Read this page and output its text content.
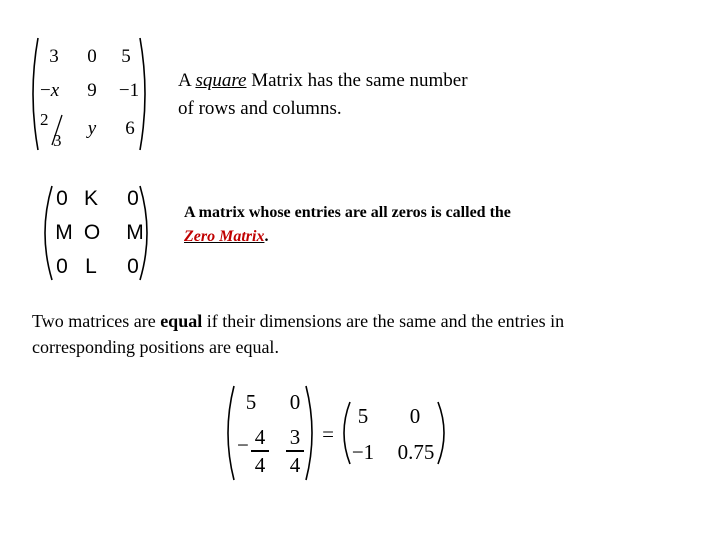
3 0 5
−x 9 −1
2
3
y	6
A square Matrix has the same number
of rows and columns.
0 K 0
M O M
0 L 0
A matrix whose entries are all zeros is called the
Zero Matrix.
Two matrices are equal if their dimensions are the same and the entries in
corresponding positions are equal.
5 0
− 4
4
3
4
=
5 0
−1 0.75
